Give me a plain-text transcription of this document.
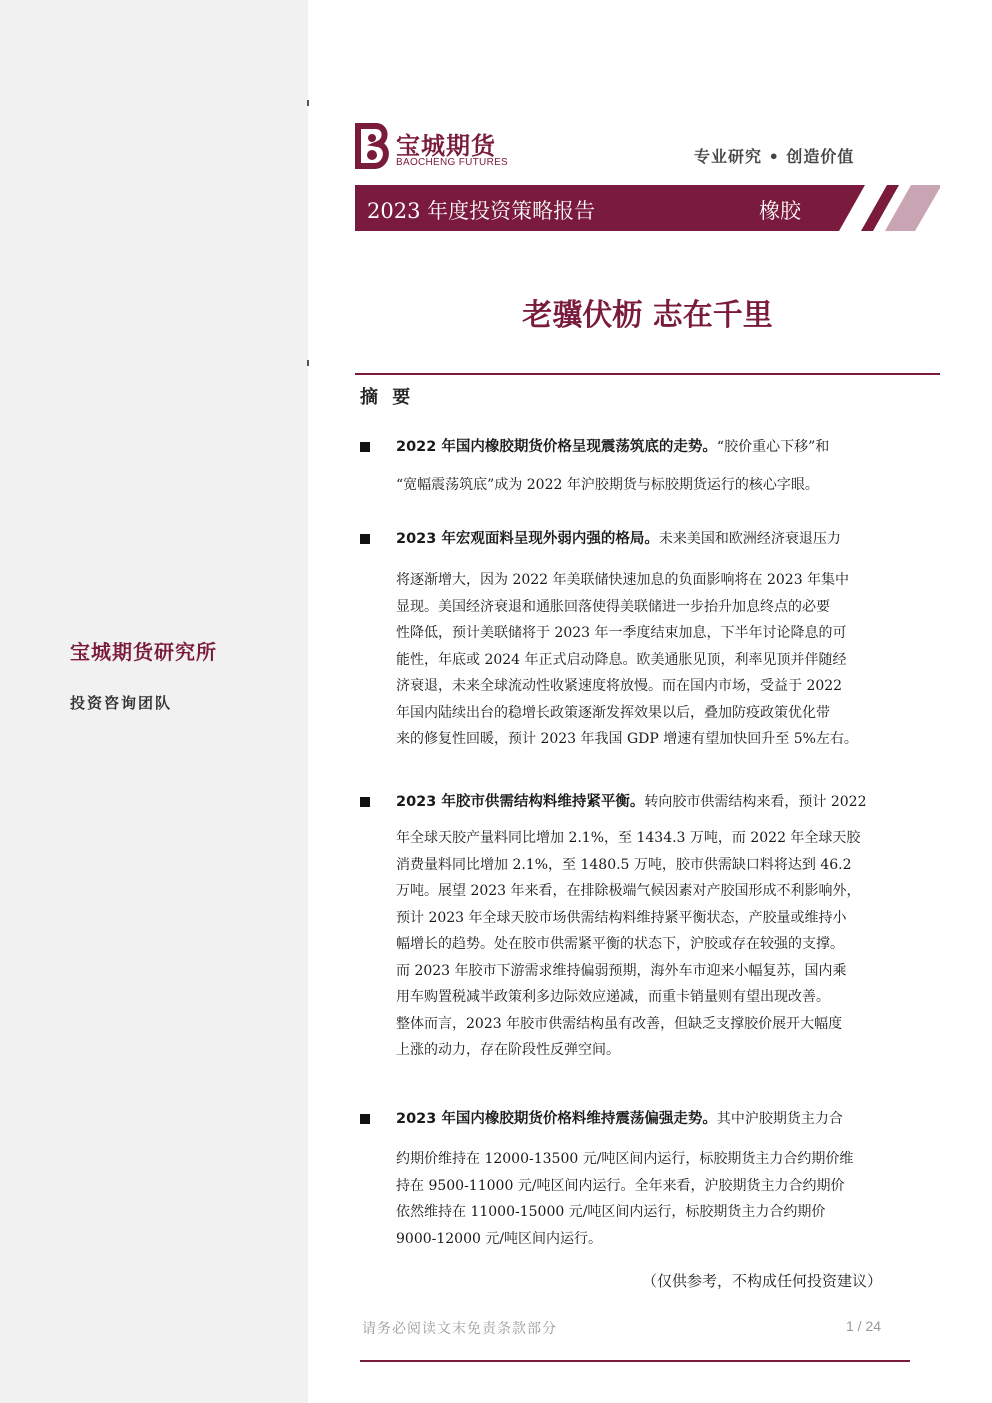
宝城期货研究所
投资咨询团队
宝城期货
BAOCHENG FUTURES	专业研究 • 创造价值
2023 年度投资策略报告	橡胶
老骥伏枥 志在千里
摘 要
2022 年国内橡胶期货价格呈现震荡筑底的走势。“胶价重心下移”和
“宽幅震荡筑底”成为 2022 年沪胶期货与标胶期货运行的核心字眼。
2023 年宏观面料呈现外弱内强的格局。未来美国和欧洲经济衰退压力
将逐渐增大，因为 2022 年美联储快速加息的负面影响将在 2023 年集中
显现。美国经济衰退和通胀回落使得美联储进一步抬升加息终点的必要
性降低，预计美联储将于 2023 年一季度结束加息，下半年讨论降息的可
能性，年底或 2024 年正式启动降息。欧美通胀见顶，利率见顶并伴随经
济衰退，未来全球流动性收紧速度将放慢。而在国内市场，受益于 2022
年国内陆续出台的稳增长政策逐渐发挥效果以后，叠加防疫政策优化带
来的修复性回暖，预计 2023 年我国 GDP 增速有望加快回升至 5%左右。
2023 年胶市供需结构料维持紧平衡。转向胶市供需结构来看，预计 2022
年全球天胶产量料同比增加 2.1%，至 1434.3 万吨，而 2022 年全球天胶
消费量料同比增加 2.1%，至 1480.5 万吨，胶市供需缺口料将达到 46.2
万吨。展望 2023 年来看，在排除极端气候因素对产胶国形成不利影响外，
预计 2023 年全球天胶市场供需结构料维持紧平衡状态，产胶量或维持小
幅增长的趋势。处在胶市供需紧平衡的状态下，沪胶或存在较强的支撑。
而 2023 年胶市下游需求维持偏弱预期，海外车市迎来小幅复苏，国内乘
用车购置税减半政策利多边际效应递减，而重卡销量则有望出现改善。
整体而言，2023 年胶市供需结构虽有改善，但缺乏支撑胶价展开大幅度
上涨的动力，存在阶段性反弹空间。
2023 年国内橡胶期货价格料维持震荡偏强走势。其中沪胶期货主力合
约期价维持在 12000-13500 元/吨区间内运行，标胶期货主力合约期价维
持在 9500-11000 元/吨区间内运行。全年来看，沪胶期货主力合约期价
依然维持在 11000-15000 元/吨区间内运行，标胶期货主力合约期价
9000-12000 元/吨区间内运行。
（仅供参考，不构成任何投资建议）
请务必阅读文末免责条款部分	1 / 24
